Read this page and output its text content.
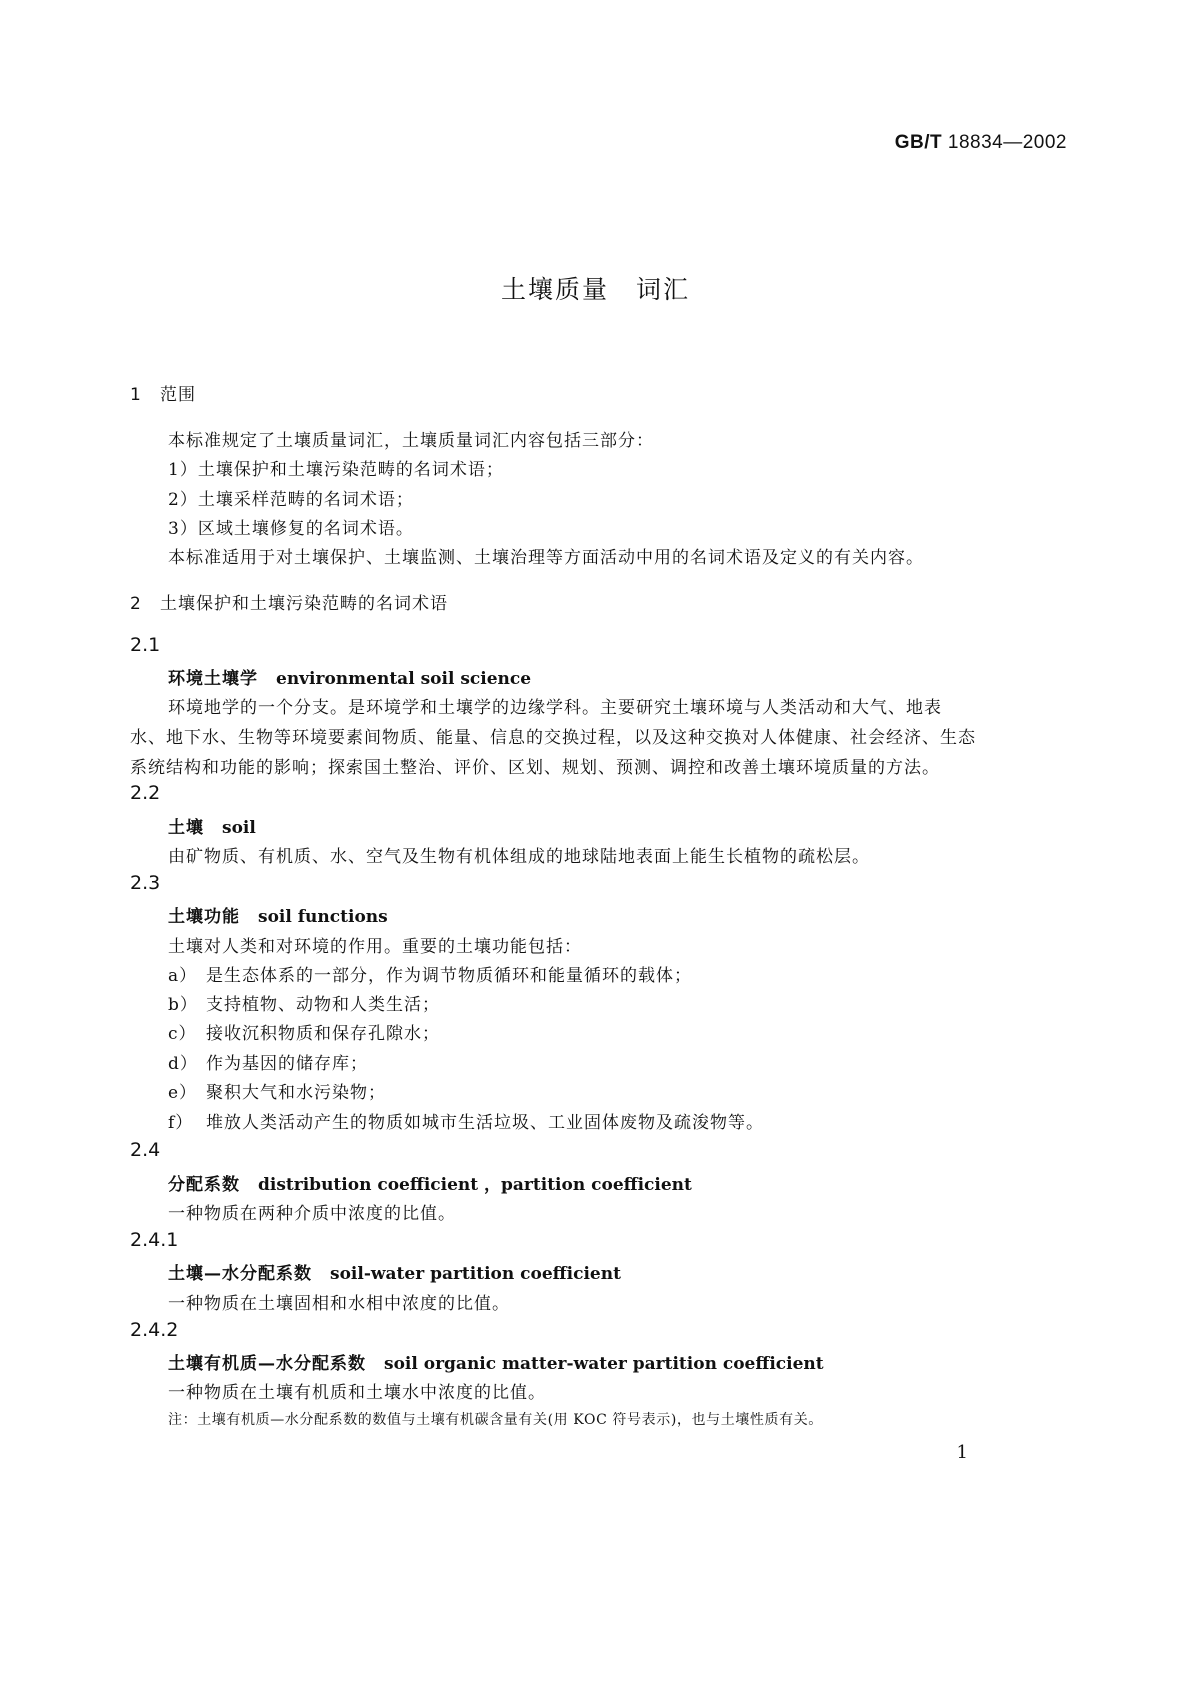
GB/T 18834—2002
土壤质量　词汇
1 范围
本标准规定了土壤质量词汇，土壤质量词汇内容包括三部分：
1）土壤保护和土壤污染范畴的名词术语；
2）土壤采样范畴的名词术语；
3）区域土壤修复的名词术语。
本标准适用于对土壤保护、土壤监测、土壤治理等方面活动中用的名词术语及定义的有关内容。
2 土壤保护和土壤污染范畴的名词术语
2.1
环境土壤学 environmental soil science
环境地学的一个分支。是环境学和土壤学的边缘学科。主要研究土壤环境与人类活动和大气、地表
水、地下水、生物等环境要素间物质、能量、信息的交换过程，以及这种交换对人体健康、社会经济、生态
系统结构和功能的影响；探索国土整治、评价、区划、规划、预测、调控和改善土壤环境质量的方法。
2.2
土壤 soil
由矿物质、有机质、水、空气及生物有机体组成的地球陆地表面上能生长植物的疏松层。
2.3
土壤功能 soil functions
土壤对人类和对环境的作用。重要的土壤功能包括：
a） 是生态体系的一部分，作为调节物质循环和能量循环的载体；
b） 支持植物、动物和人类生活；
c） 接收沉积物质和保存孔隙水；
d） 作为基因的储存库；
e） 聚积大气和水污染物；
f） 堆放人类活动产生的物质如城市生活垃圾、工业固体废物及疏浚物等。
2.4
分配系数 distribution coefficient ，partition coefficient
一种物质在两种介质中浓度的比值。
2.4.1
土壤—水分配系数 soil-water partition coefficient
一种物质在土壤固相和水相中浓度的比值。
2.4.2
土壤有机质—水分配系数 soil organic matter-water partition coefficient
一种物质在土壤有机质和土壤水中浓度的比值。
注：土壤有机质—水分配系数的数值与土壤有机碳含量有关(用 KOC 符号表示)，也与土壤性质有关。
1
